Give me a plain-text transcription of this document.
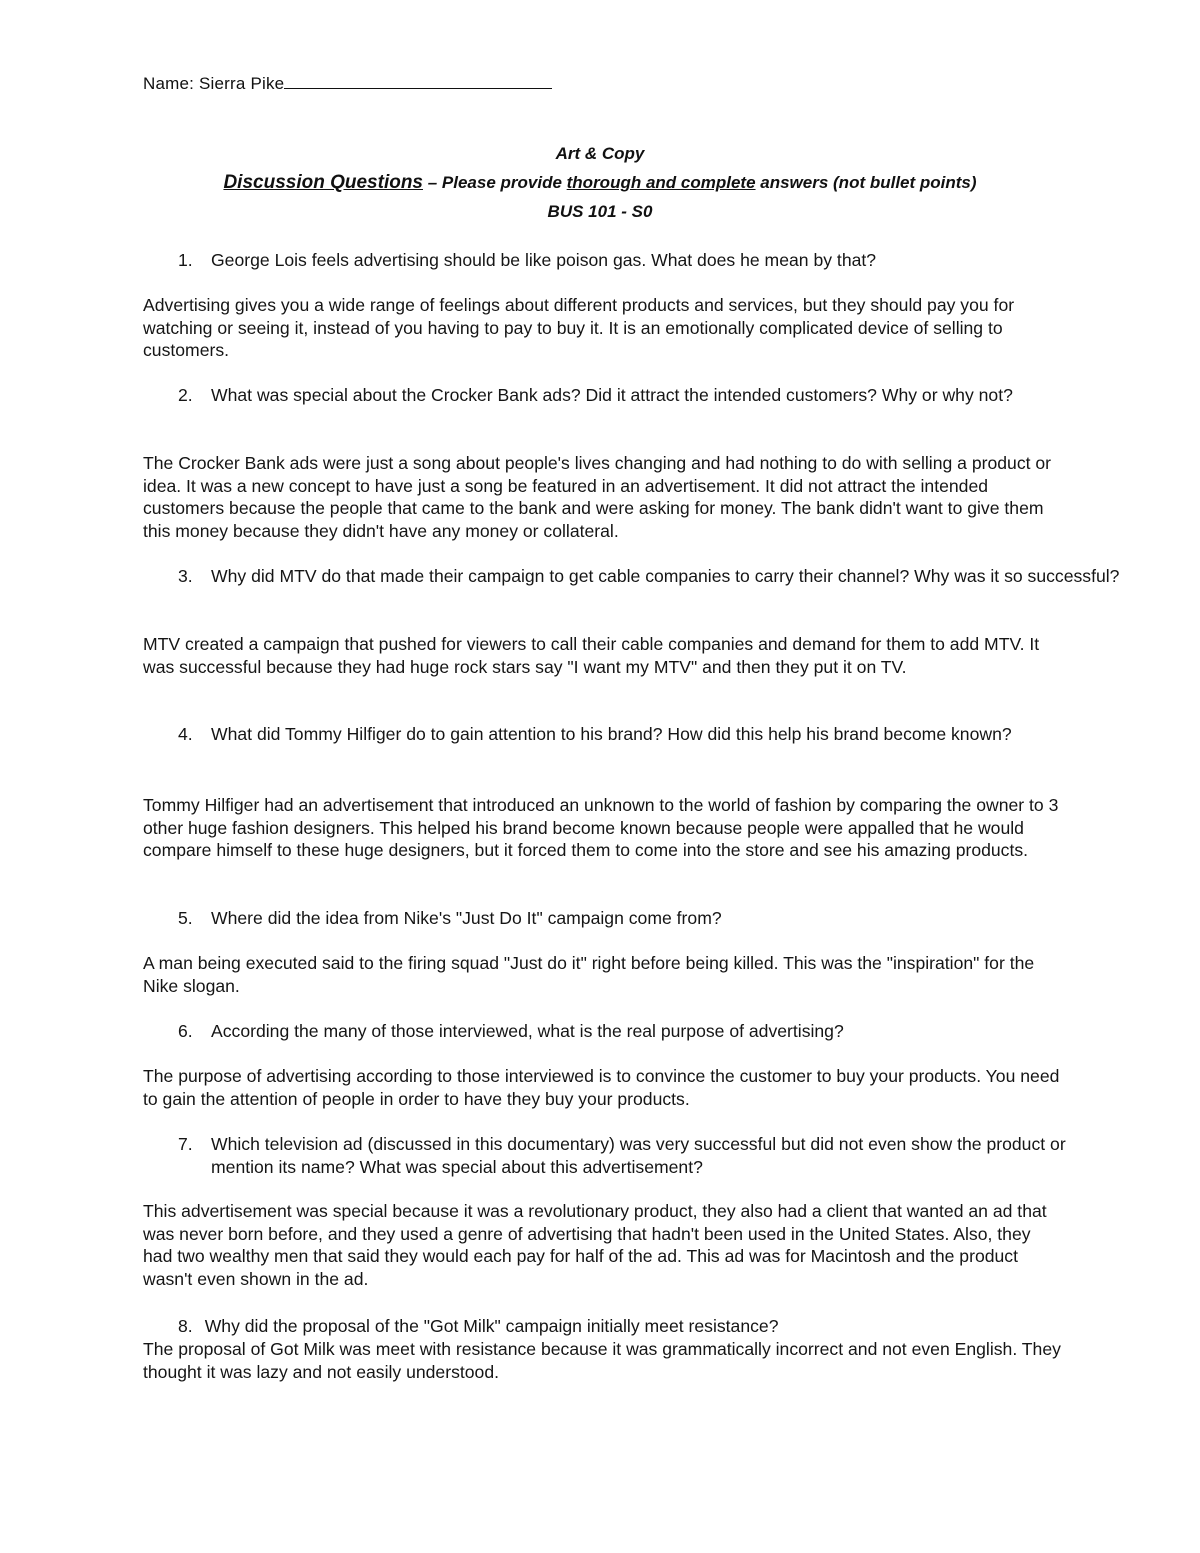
Name: Sierra Pike
Art & Copy
Discussion Questions – Please provide thorough and complete answers (not bullet points)
BUS 101 - S0
1. George Lois feels advertising should be like poison gas. What does he mean by that?
Advertising gives you a wide range of feelings about different products and services, but they should pay you for watching or seeing it, instead of you having to pay to buy it. It is an emotionally complicated device of selling to customers.
2. What was special about the Crocker Bank ads? Did it attract the intended customers? Why or why not?
The Crocker Bank ads were just a song about people's lives changing and had nothing to do with selling a product or idea. It was a new concept to have just a song be featured in an advertisement. It did not attract the intended customers because the people that came to the bank and were asking for money. The bank didn't want to give them this money because they didn't have any money or collateral.
3. Why did MTV do that made their campaign to get cable companies to carry their channel? Why was it so successful?
MTV created a campaign that pushed for viewers to call their cable companies and demand for them to add MTV. It was successful because they had huge rock stars say "I want my MTV" and then they put it on TV.
4. What did Tommy Hilfiger do to gain attention to his brand? How did this help his brand become known?
Tommy Hilfiger had an advertisement that introduced an unknown to the world of fashion by comparing the owner to 3 other huge fashion designers. This helped his brand become known because people were appalled that he would compare himself to these huge designers, but it forced them to come into the store and see his amazing products.
5. Where did the idea from Nike's "Just Do It" campaign come from?
A man being executed said to the firing squad "Just do it" right before being killed. This was the "inspiration" for the Nike slogan.
6. According the many of those interviewed, what is the real purpose of advertising?
The purpose of advertising according to those interviewed is to convince the customer to buy your products. You need to gain the attention of people in order to have they buy your products.
7. Which television ad (discussed in this documentary) was very successful but did not even show the product or mention its name? What was special about this advertisement?
This advertisement was special because it was a revolutionary product, they also had a client that wanted an ad that was never born before, and they used a genre of advertising that hadn't been used in the United States. Also, they had two wealthy men that said they would each pay for half of the ad. This ad was for Macintosh and the product wasn't even shown in the ad.
8. Why did the proposal of the "Got Milk" campaign initially meet resistance?
The proposal of Got Milk was meet with resistance because it was grammatically incorrect and not even English. They thought it was lazy and not easily understood.
